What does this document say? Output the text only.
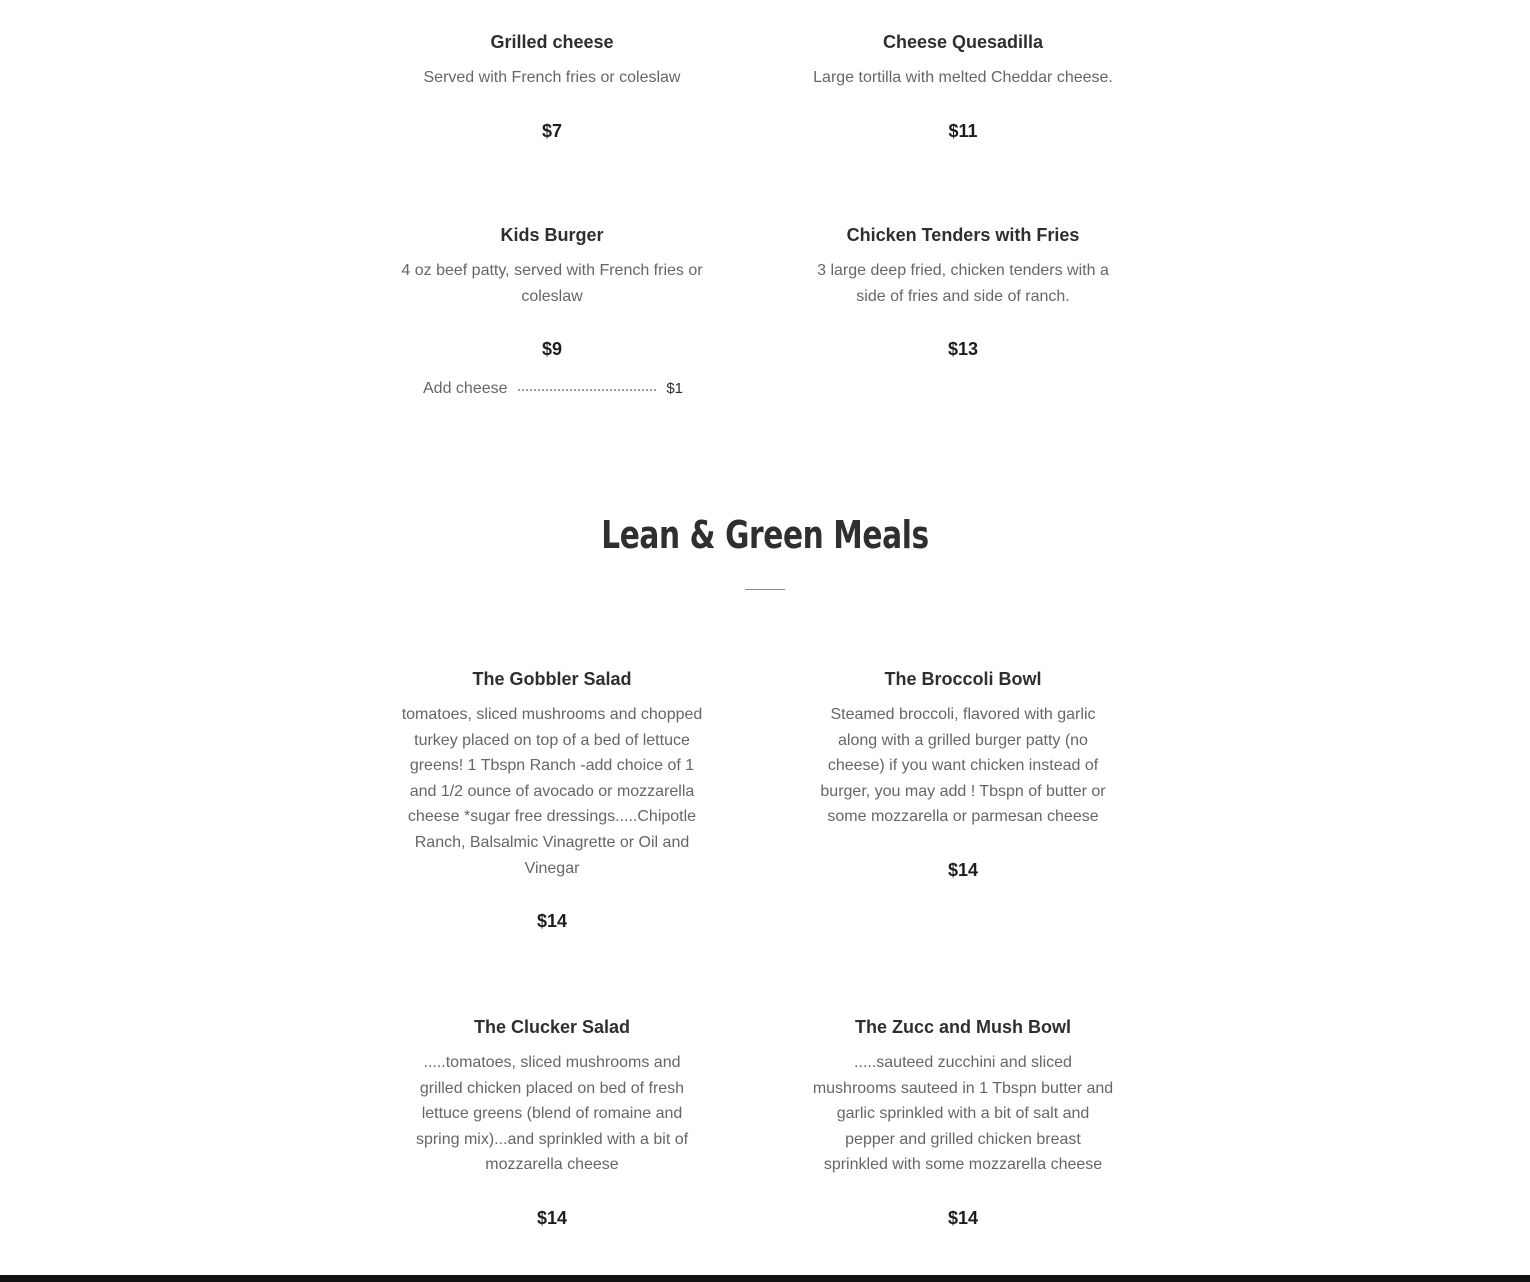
Grilled cheese

Served with French fries or coleslaw

$7

Cheese Quesadilla

Large tortilla with melted Cheddar cheese.

$11

Kids Burger

4 oz beef patty, served with French fries or coleslaw

$9

Chicken Tenders with Fries

3 large deep fried, chicken tenders with a side of fries and side of ranch.

$13

Add cheese	$1
Lean & Green Meals
The Gobbler Salad

tomatoes, sliced mushrooms and chopped turkey placed on top of a bed of lettuce greens! 1 Tbspn Ranch -add choice of 1 and 1/2 ounce of avocado or mozzarella cheese *sugar free dressings.....Chipotle Ranch, Balsalmic Vinagrette or Oil and Vinegar

$14

The Broccoli Bowl

Steamed broccoli, flavored with garlic along with a grilled burger patty (no cheese) if you want chicken instead of burger, you may add ! Tbspn of butter or some mozzarella or parmesan cheese

$14

The Clucker Salad

.....tomatoes, sliced mushrooms and grilled chicken placed on bed of fresh lettuce greens (blend of romaine and spring mix)...and sprinkled with a bit of mozzarella cheese

$14

The Zucc and Mush Bowl

.....sauteed zucchini and sliced mushrooms sauteed in 1 Tbspn butter and garlic sprinkled with a bit of salt and pepper and grilled chicken breast sprinkled with some mozzarella cheese

$14
